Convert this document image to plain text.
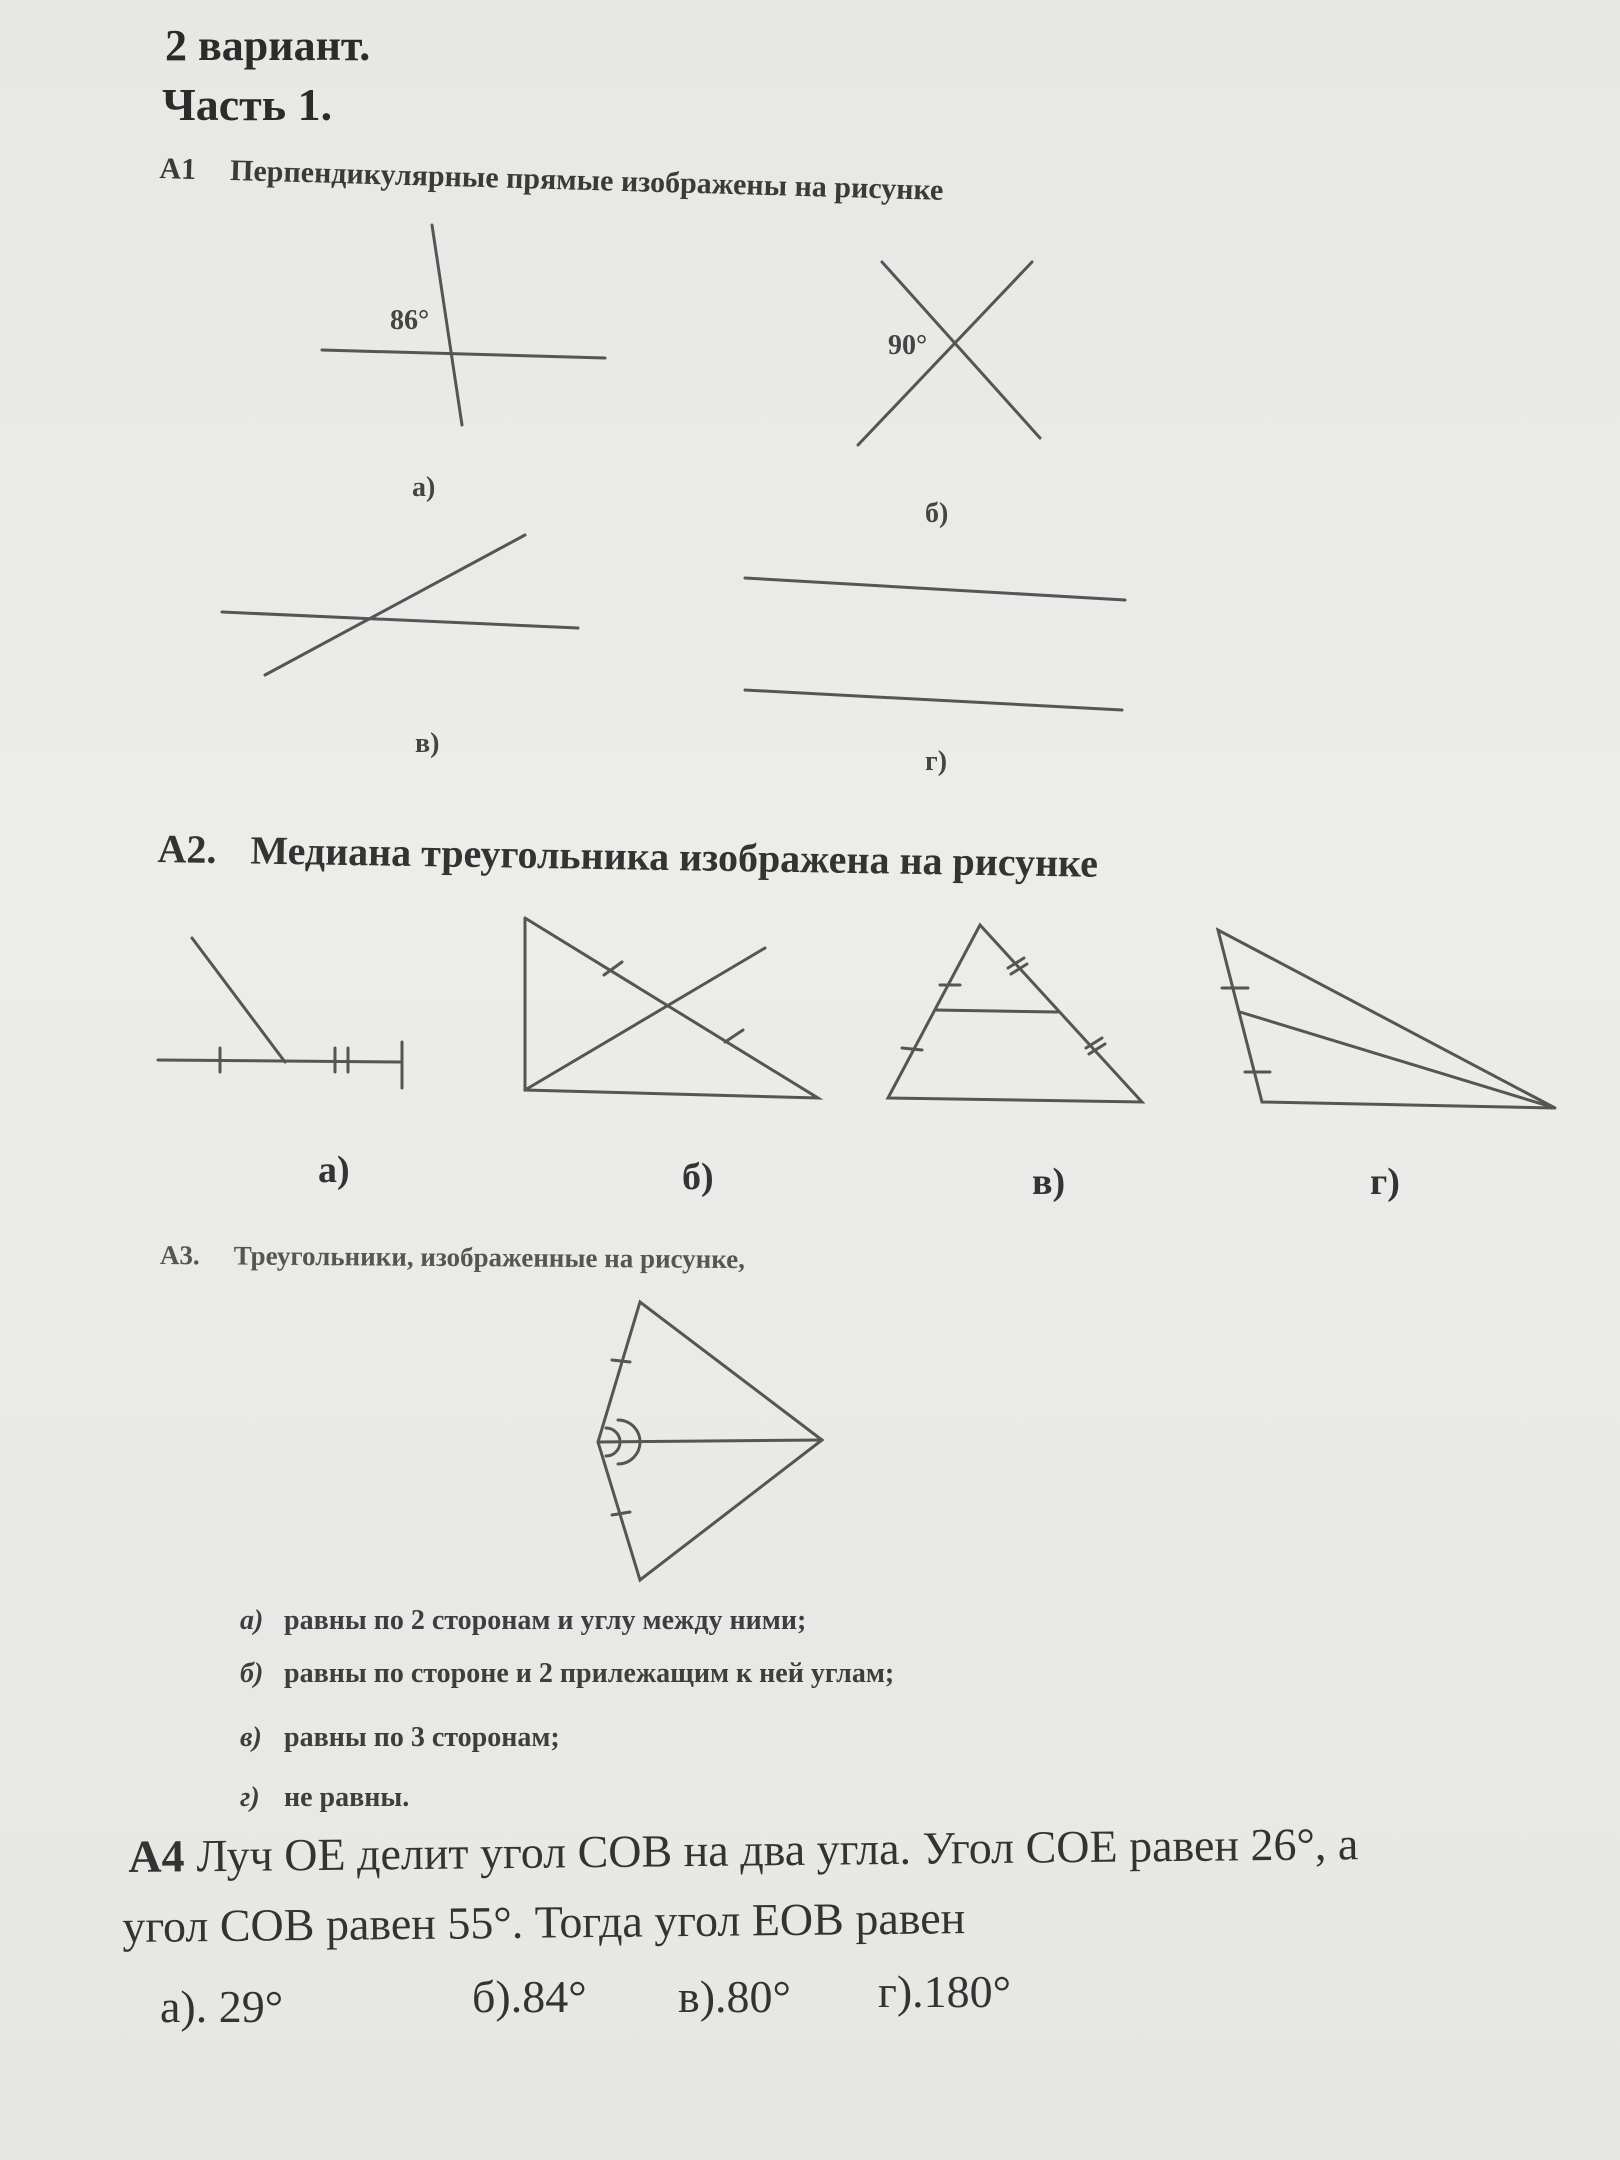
2 вариант.
Часть 1.
А1 Перпендикулярные прямые изображены на рисунке
86°
90°
а)
б)
в)
г)
А2. Медиана треугольника изображена на рисунке
а)	б)	в)	г)
А3. Треугольники, изображенные на рисунке,
а) равны по 2 сторонам и углу между ними;
б) равны по стороне и 2 прилежащим к ней углам;
в) равны по 3 сторонам;
г) не равны.
А4 Луч ОЕ делит угол СОВ на два угла. Угол СОЕ равен 26°, а
угол СОВ равен 55°. Тогда угол ЕОВ равен
а). 29°	б).84° в).80° г).180°
